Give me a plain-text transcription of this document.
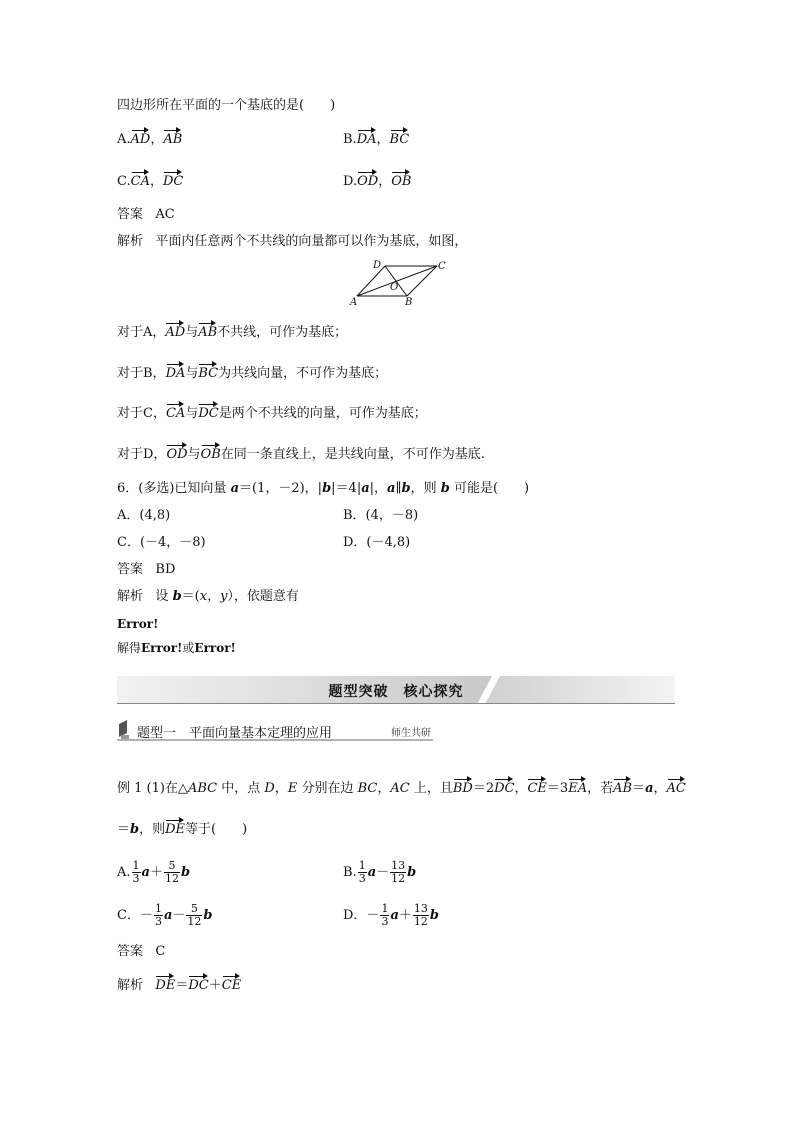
四边形所在平面的一个基底的是(　　)
A.AD，AB	B.DA，BC
C.CA，DC	D.OD，OB
答案 AC
解析 平面内任意两个不共线的向量都可以作为基底，如图，
A	B
C
D
O
对于A，AD与AB不共线，可作为基底；
对于B，DA与BC为共线向量，不可作为基底；
对于C，CA与DC是两个不共线的向量，可作为基底；
对于D，OD与OB在同一条直线上，是共线向量，不可作为基底.
6．(多选)已知向量 a＝(1，－2)，|b|＝4|a|，a∥b，则 b 可能是(　　)
A．(4,8)	B．(4，－8)
C．(－4，－8)	D．(－4,8)
答案 BD
解析 设 b＝(x，y），依题意有
Error!
解得Error!或Error!
题型突破　核心探究
题型一　平面向量基本定理的应用	师生共研
例 1 (1)在△ABC 中，点 D，E 分别在边 BC，AC 上，且BD＝2DC，CE＝3EA，若AB＝a，AC
＝b，则DE等于(　　)
A. $\frac{1}{3} a+ \frac{5}{12}$ b	B. $\frac{1}{3} a- \frac{13}{12}$ b
C．－ $\frac{1}{3} a- \frac{5}{12}$ b	D．－ $\frac{1}{3} a+ \frac{13}{12}$ b
答案 C
解析 DE＝DC＋CE
